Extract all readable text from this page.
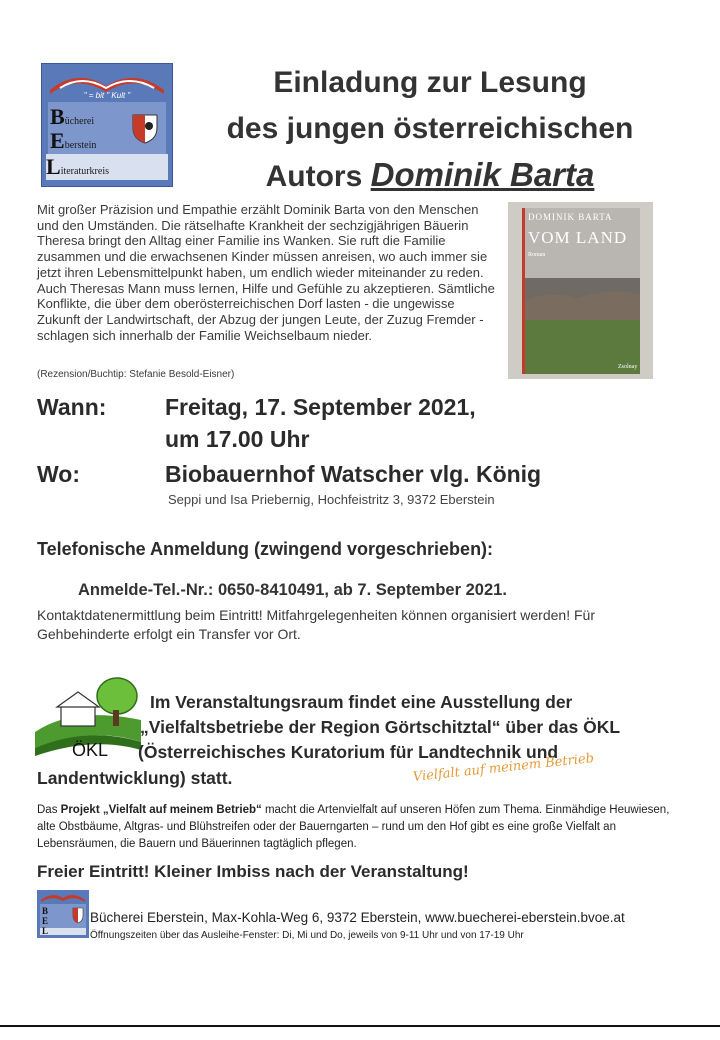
" = bit " Kult "
Bücherei
Eberstein
Literaturkreis
Einladung zur Lesung
des jungen österreichischen
Autors Dominik Barta
Mit großer Präzision und Empathie erzählt Dominik Barta von den Menschen und den Umständen. Die rätselhafte Krankheit der sechzigjährigen Bäuerin Theresa bringt den Alltag einer Familie ins Wanken. Sie ruft die Familie zusammen und die erwachsenen Kinder müssen anreisen, wo auch immer sie jetzt ihren Lebensmittelpunkt haben, um endlich wieder miteinander zu reden. Auch Theresas Mann muss lernen, Hilfe und Gefühle zu akzeptieren. Sämtliche Konflikte, die über dem oberösterreichischen Dorf lasten - die ungewisse Zukunft der Landwirtschaft, der Abzug der jungen Leute, der Zuzug Fremder - schlagen sich innerhalb der Familie Weichselbaum nieder.
(Rezension/Buchtip: Stefanie Besold-Eisner)
DOMINIK BARTA
VOM LAND
Roman
Zsolnay
Wann:	Freitag, 17. September 2021,
um 17.00 Uhr
Wo:	Biobauernhof Watscher vlg. König
Seppi und Isa Priebernig, Hochfeistritz 3, 9372 Eberstein
Telefonische Anmeldung (zwingend vorgeschrieben):
Anmelde-Tel.-Nr.: 0650-8410491, ab 7. September 2021.
Kontaktdatenermittlung beim Eintritt! Mitfahrgelegenheiten können organisiert werden! Für Gehbehinderte erfolgt ein Transfer vor Ort.
ÖKL
Im Veranstaltungsraum findet eine Ausstellung der
„Vielfaltsbetriebe der Region Görtschitztal“ über das ÖKL
(Österreichisches Kuratorium für Landtechnik und
Landentwicklung) statt.	Vielfalt auf meinem Betrieb
Das Projekt „Vielfalt auf meinem Betrieb“ macht die Artenvielfalt auf unseren Höfen zum Thema. Einmähdige Heuwiesen, alte Obstbäume, Altgras- und Blühstreifen oder der Bauerngarten – rund um den Hof gibt es eine große Vielfalt an Lebensräumen, die Bauern und Bäuerinnen tagtäglich pflegen.
Freier Eintritt! Kleiner Imbiss nach der Veranstaltung!
B
E
L
Bücherei Eberstein, Max-Kohla-Weg 6, 9372 Eberstein, www.buecherei-eberstein.bvoe.at
Öffnungszeiten über das Ausleihe-Fenster: Di, Mi und Do, jeweils von 9-11 Uhr und von 17-19 Uhr
